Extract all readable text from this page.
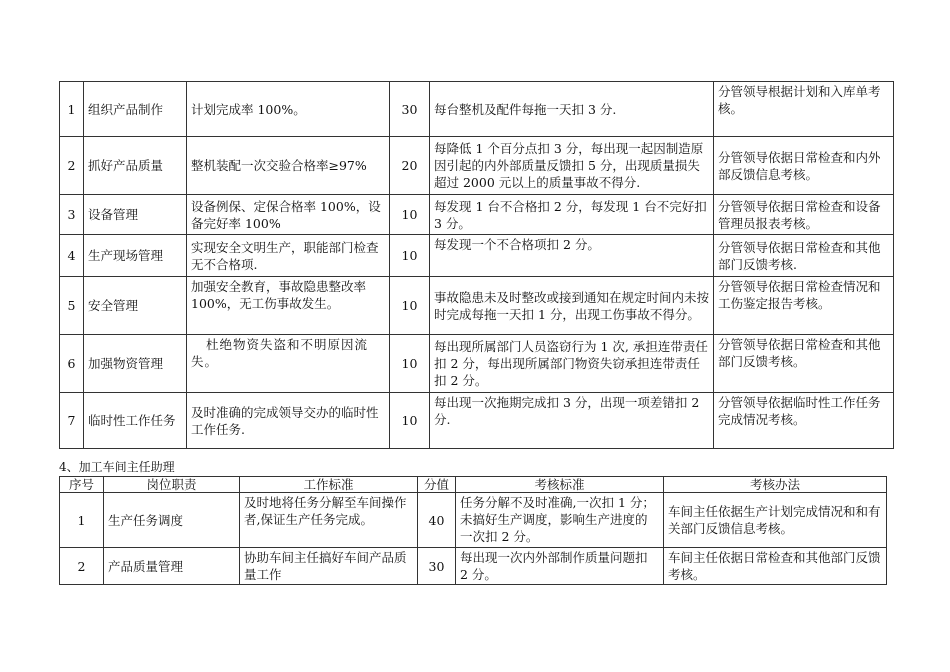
1	组织产品制作	计划完成率 100%。	30	每台整机及配件每拖一天扣 3 分.	分管领导根据计划和入库单考核。
2	抓好产品质量	整机装配一次交验合格率≥97%	20	每降低 1 个百分点扣 3 分，每出现一起因制造原因引起的内外部质量反馈扣 5 分，出现质量损失超过 2000 元以上的质量事故不得分.	分管领导依据日常检查和内外部反馈信息考核。
3	设备管理	设备例保、定保合格率 100%，设备完好率 100%	10	每发现 1 台不合格扣 2 分，每发现 1 台不完好扣 3 分。	分管领导依据日常检查和设备管理员报表考核。
4	生产现场管理	实现安全文明生产，职能部门检查无不合格项.	10	每发现一个不合格项扣 2 分。	分管领导依据日常检查和其他部门反馈考核.
5	安全管理	加强安全教育，事故隐患整改率 100%，无工伤事故发生。	10	事故隐患未及时整改或接到通知在规定时间内未按时完成每拖一天扣 1 分，出现工伤事故不得分。	分管领导依据日常检查情况和工伤鉴定报告考核。
6	加强物资管理	杜绝物资失盗和不明原因流失。	10	每出现所属部门人员盗窃行为 1 次, 承担连带责任扣 2 分，每出现所属部门物资失窃承担连带责任扣 2 分。	分管领导依据日常检查和其他部门反馈考核。
7	临时性工作任务	及时准确的完成领导交办的临时性工作任务.	10	每出现一次拖期完成扣 3 分，出现一项差错扣 2 分.	分管领导依据临时性工作任务完成情况考核。
4、加工车间主任助理
序号	岗位职责	工作标准	分值	考核标准	考核办法
1	生产任务调度	及时地将任务分解至车间操作者,保证生产任务完成。	40	任务分解不及时准确,一次扣 1 分；未搞好生产调度，影响生产进度的一次扣 2 分。	车间主任依据生产计划完成情况和和有关部门反馈信息考核。
2	产品质量管理	协助车间主任搞好车间产品质量工作	30	每出现一次内外部制作质量问题扣 2 分。	车间主任依据日常检查和其他部门反馈考核。
